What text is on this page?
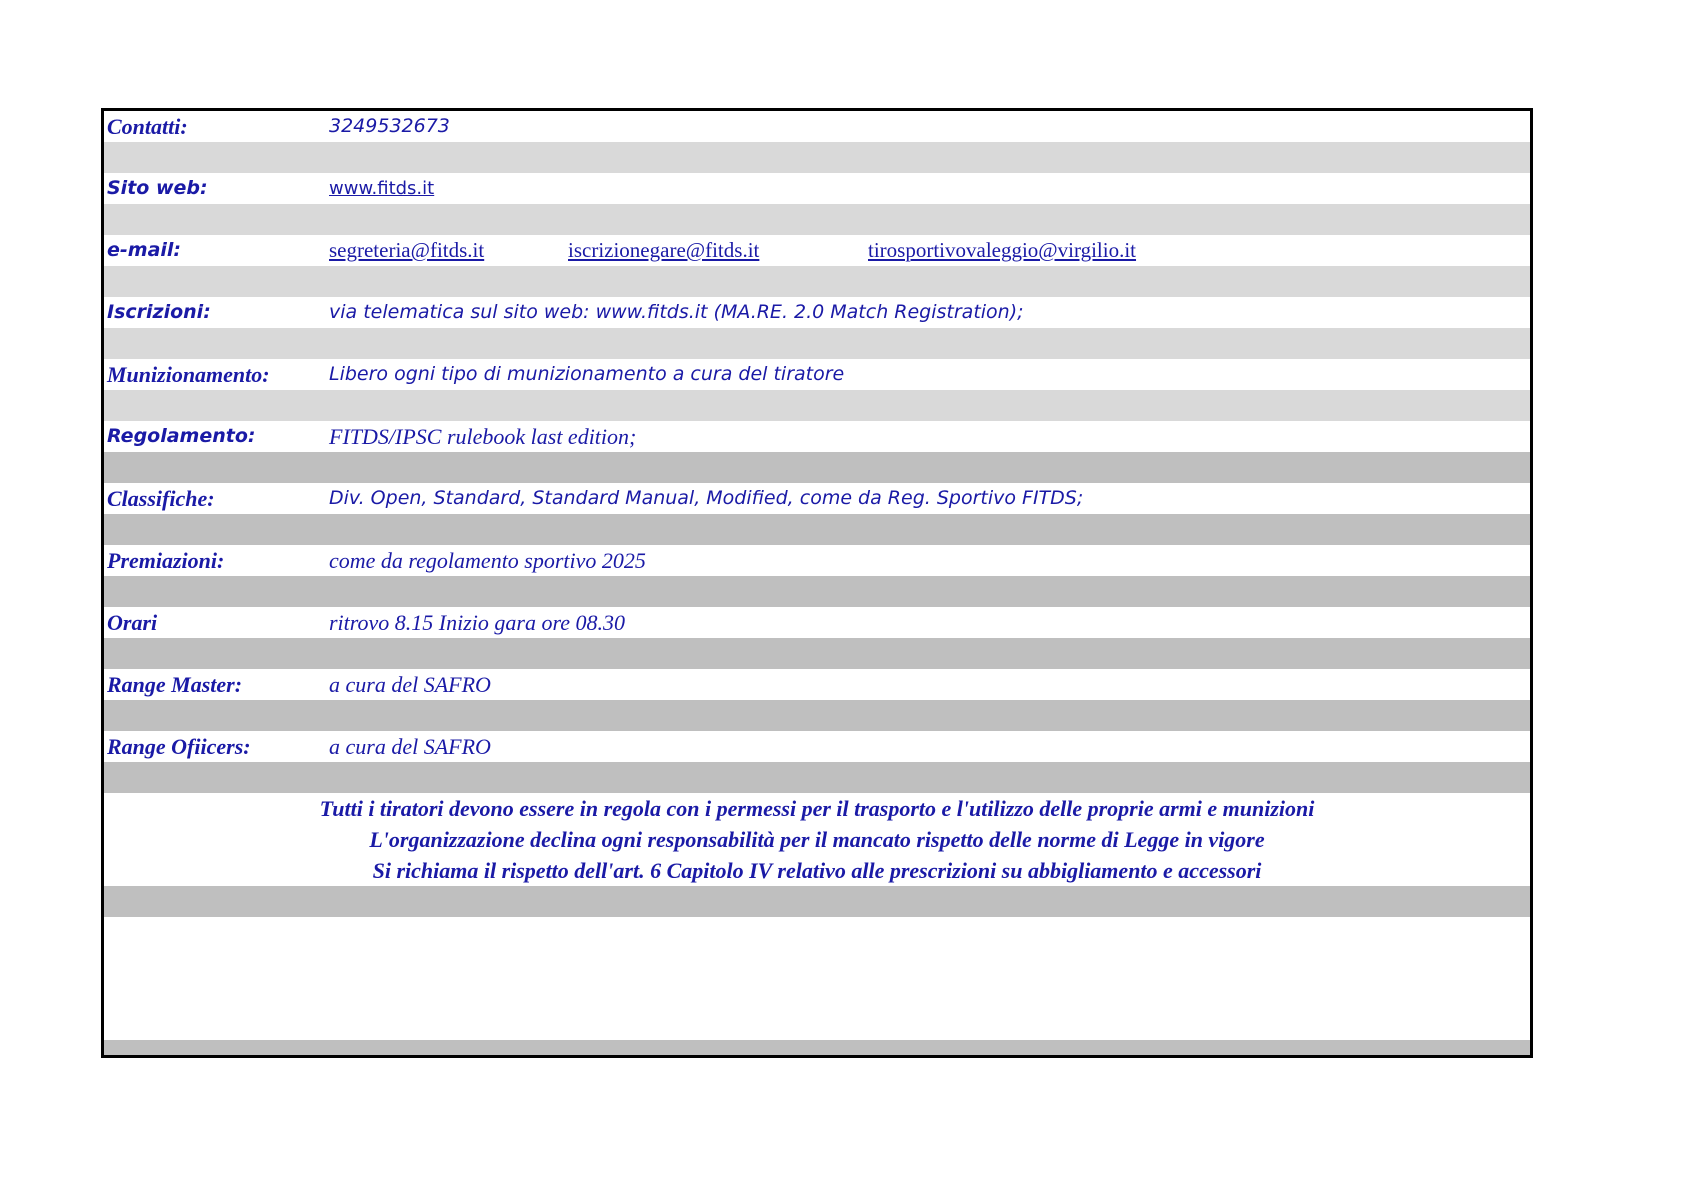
Contatti:	3249532673
Sito web:	www.fitds.it
e-mail:	segreteria@fitds.it	iscrizionegare@fitds.it	tirosportivovaleggio@virgilio.it
Iscrizioni:	via telematica sul sito web: www.fitds.it (MA.RE. 2.0 Match Registration);
Munizionamento:	Libero ogni tipo di munizionamento a cura del tiratore
Regolamento:	FITDS/IPSC rulebook last edition;
Classifiche:	Div. Open, Standard, Standard Manual, Modified, come da Reg. Sportivo FITDS;
Premiazioni:	come da regolamento sportivo 2025
Orari	ritrovo 8.15 Inizio gara ore 08.30
Range Master:	a cura del SAFRO
Range Ofiicers:	a cura del SAFRO
Tutti i tiratori devono essere in regola con i permessi per il trasporto e l'utilizzo delle proprie armi e munizioni
L'organizzazione declina ogni responsabilità per il mancato rispetto delle norme di Legge in vigore
Si richiama il rispetto dell'art. 6 Capitolo IV relativo alle prescrizioni su abbigliamento e accessori
